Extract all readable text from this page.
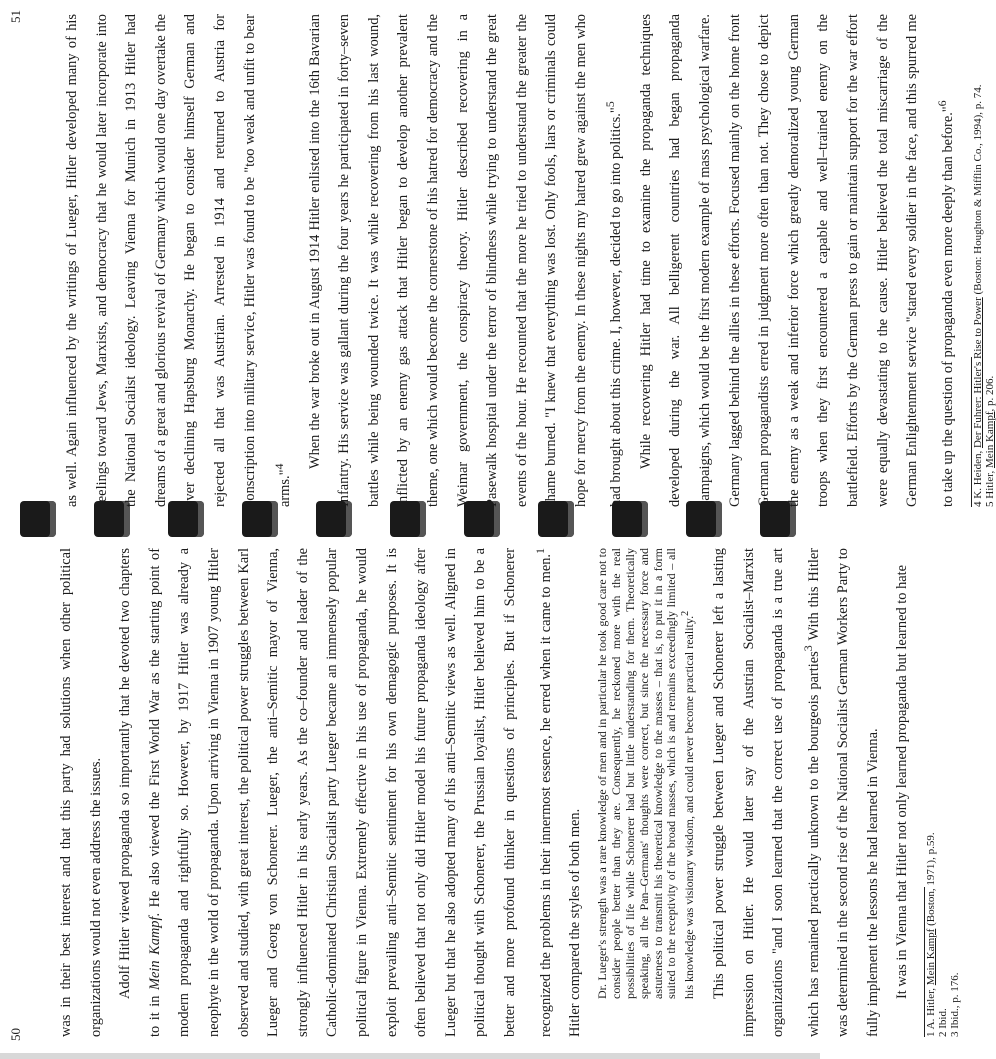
50	was in their best interest and that this party had solutions when other political organizations would not even address the issues. Adolf Hitler viewed propaganda so importantly that he devoted two chapters to it in Mein Kampf. He also viewed the First World War as the starting point of modern propaganda and rightfully so. However, by 1917 Hitler was already a neophyte in the world of propaganda. Upon arriving in Vienna in 1907 young Hitler observed and studied, with great interest, the political power struggles between Karl Lueger and Georg von Schonerer. Lueger, the anti–Semitic mayor of Vienna, strongly influenced Hitler in his early years. As the co–founder and leader of the Catholic-dominated Christian Socialist party Lueger became an immensely popular political figure in Vienna. Extremely effective in his use of propaganda, he would exploit prevailing anti–Semitic sentiment for his own demagogic purposes. It is often believed that not only did Hitler model his future propaganda ideology after Lueger but that he also adopted many of his anti–Semitic views as well. Aligned in political thought with Schonerer, the Prussian loyalist, Hitler believed him to be a better and more profound thinker in questions of principles. But if Schonerer recognized the problems in their innermost essence, he erred when it came to men.$^1$ Hitler compared the styles of both men.	Dr. Lueger's strength was a rare knowledge of men and in particular he took good care not to consider people better than they are. Consequently, he reckoned more with the real possibilities of life while Schonerer had but little understanding for them. Theoretically speaking, all the Pan–Germans' thoughts were correct, but since the necessary force and astuteness to transmit his theoretical knowledge to the masses – that is, to put it in a form suited to the receptivity of the broad masses, which is and remains exceedingly limited – all his knowledge was visionary wisdom, and could never become practical reality.$^2$	This political power struggle between Lueger and Schonerer left a lasting impression on Hitler. He would later say of the Austrian Socialist–Marxist organizations "and I soon learned that the correct use of propaganda is a true art which has remained practically unknown to the bourgeois parties$^3$ With this Hitler was determined in the second rise of the National Socialist German Workers Party to fully implement the lessons he had learned in Vienna. It was in Vienna that Hitler not only learned propaganda but learned to hate

1 A. Hitler, Mein Kampf (Boston, 1971), p.59.
2 Ibid. 3 Ibid., p. 176.
51	as well. Again influenced by the writings of Lueger, Hitler developed many of his feelings toward Jews, Marxists, and democracy that he would later incorporate into the National Socialist ideology. Leaving Vienna for Munich in 1913 Hitler had dreams of a great and glorious revival of Germany which would one day overtake the ever declining Hapsburg Monarchy. He began to consider himself German and rejected all that was Austrian. Arrested in 1914 and returned to Austria for conscription into military service, Hitler was found to be "too weak and unfit to bear arms."$^4$	When the war broke out in August 1914 Hitler enlisted into the 16th Bavarian Infantry. His service was gallant during the four years he participated in forty–seven battles while being wounded twice. It was while recovering from his last wound, inflicted by an enemy gas attack that Hitler began to develop another prevalent theme, one which would become the cornerstone of his hatred for democracy and the Weimar government, the conspiracy theory. Hitler described recovering in a Pasewalk hospital under the terror of blindness while trying to understand the great events of the hour. He recounted that the more he tried to understand the greater the shame burned. "I knew that everything was lost. Only fools, liars or criminals could hope for mercy from the enemy. In these nights my hatred grew against the men who had brought about this crime. I, however, decided to go into politics."$^5$	While recovering Hitler had time to examine the propaganda techniques developed during the war. All belligerent countries had began propaganda campaigns, which would be the first modern example of mass psychological warfare. Germany lagged behind the allies in these efforts. Focused mainly on the home front German propagandists erred in judgment more often than not. They chose to depict the enemy as a weak and inferior force which greatly demoralized young German troops when they first encountered a capable and well–trained enemy on the battlefield. Efforts by the German press to gain or maintain support for the war effort were equally devastating to the cause. Hitler believed the total miscarriage of the German Enlightenment service "stared every soldier in the face, and this spurred me to take up the question of propaganda even more deeply than before."$^6$

4 K. Heiden, Der Fuhrer: Hitler's Rise to Power (Boston: Houghton & Mifflin Co., 1994), p. 74.
5 Hitler, Mein Kampf, p. 206.
